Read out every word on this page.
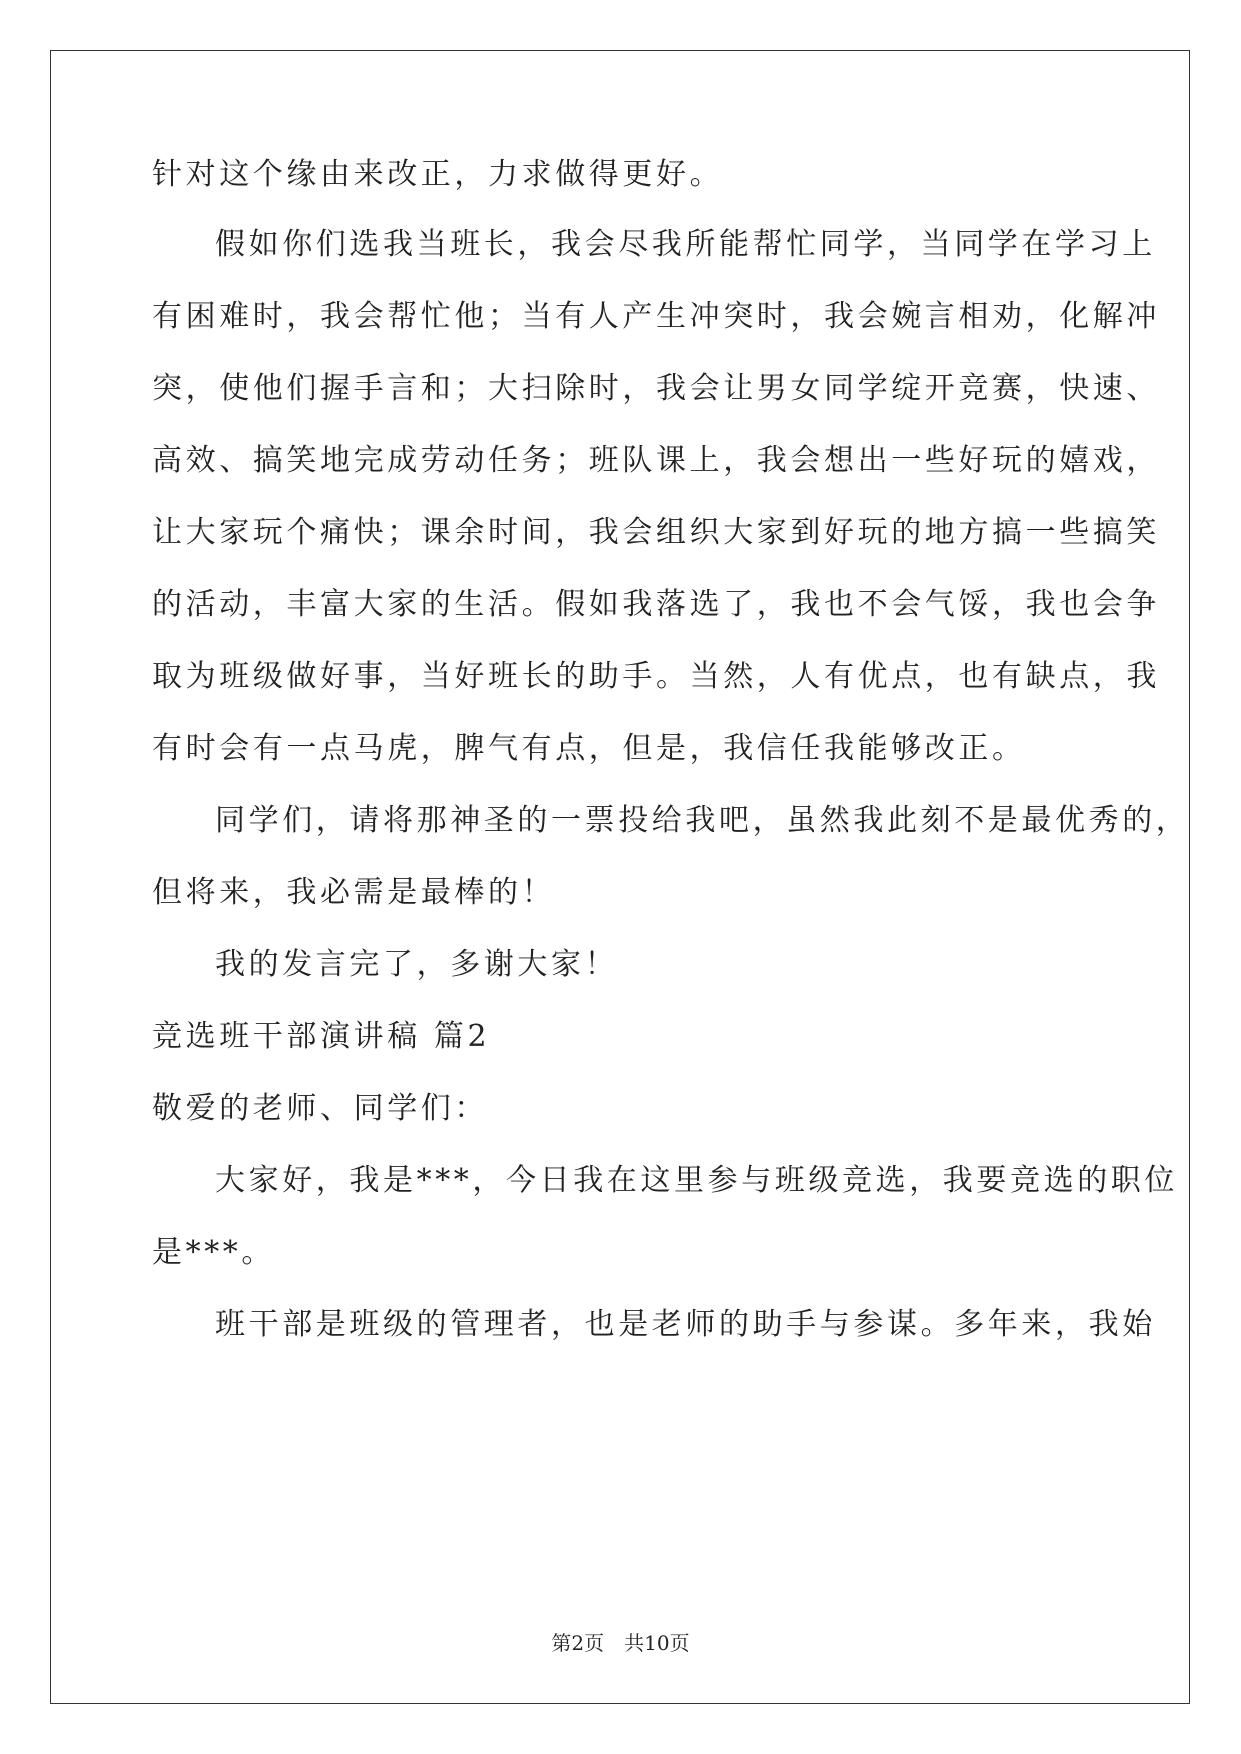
针对这个缘由来改正，力求做得更好。
假如你们选我当班长，我会尽我所能帮忙同学，当同学在学习上
有困难时，我会帮忙他；当有人产生冲突时，我会婉言相劝，化解冲
突，使他们握手言和；大扫除时，我会让男女同学绽开竞赛，快速、
高效、搞笑地完成劳动任务；班队课上，我会想出一些好玩的嬉戏，
让大家玩个痛快；课余时间，我会组织大家到好玩的地方搞一些搞笑
的活动，丰富大家的生活。假如我落选了，我也不会气馁，我也会争
取为班级做好事，当好班长的助手。当然，人有优点，也有缺点，我
有时会有一点马虎，脾气有点，但是，我信任我能够改正。
同学们，请将那神圣的一票投给我吧，虽然我此刻不是最优秀的，
但将来，我必需是最棒的！
我的发言完了，多谢大家！
竞选班干部演讲稿 篇2
敬爱的老师、同学们：
大家好，我是***，今日我在这里参与班级竞选，我要竞选的职位
是***。
班干部是班级的管理者，也是老师的助手与参谋。多年来，我始
第2页 共10页
